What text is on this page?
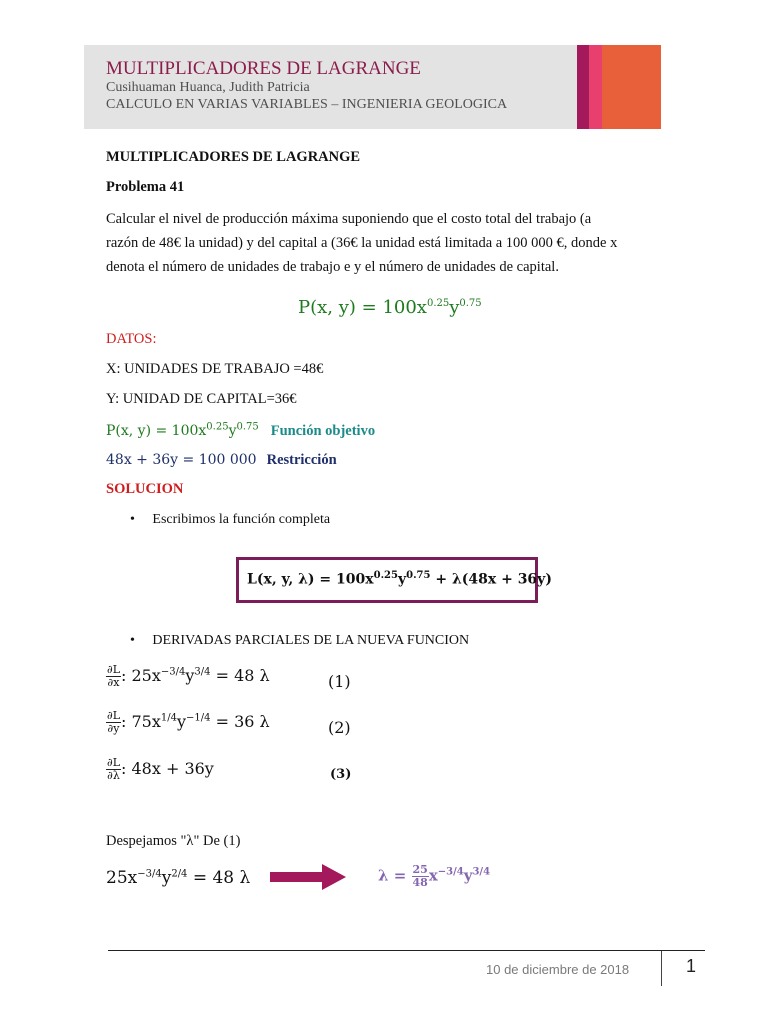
MULTIPLICADORES DE LAGRANGE
Cusihuaman Huanca, Judith Patricia
CALCULO EN VARIAS VARIABLES – INGENIERIA GEOLOGICA
MULTIPLICADORES DE LAGRANGE
Problema 41
Calcular el nivel de producción máxima suponiendo que el costo total del trabajo (a razón de 48€ la unidad) y del capital a (36€ la unidad está limitada a 100 000 €, donde x denota el número de unidades de trabajo e y el número de unidades de capital.
P(x, $y) = 100x^{0.25}y^{0.75}$
DATOS:
X: UNIDADES DE TRABAJO =48€
Y: UNIDAD DE CAPITAL=36€
P(x, $y) = 100x^{0.25}y^{0.75}$ Función objetivo
48x + 36y = 100 000 Restricción
SOLUCION
•     Escribimos la función completa
L(x, y, $\lambda) = 100x^{0.25}y^{0.75} + \lambda(48x + 36y)$
•     DERIVADAS PARCIALES DE LA NUEVA FUNCION
$\frac{\partial L}{\partial x}$ : $25x^{-3/4}y^{3/4} = 48$ λ	(1)
$\frac{\partial L}{\partial y}$ : $75x^{1/4}y^{-1/4} = 36$ λ	(2)
$\frac{\partial L}{\partial\lambda}$ : 48x + 36y	(3)
Despejamos "λ" De (1)
$25x^{-3/4}y^{2/4} = 48$ λ	$\lambda = \frac{25}{48} x^{-3/4}y^{3/4}$
10 de diciembre de 2018	1
